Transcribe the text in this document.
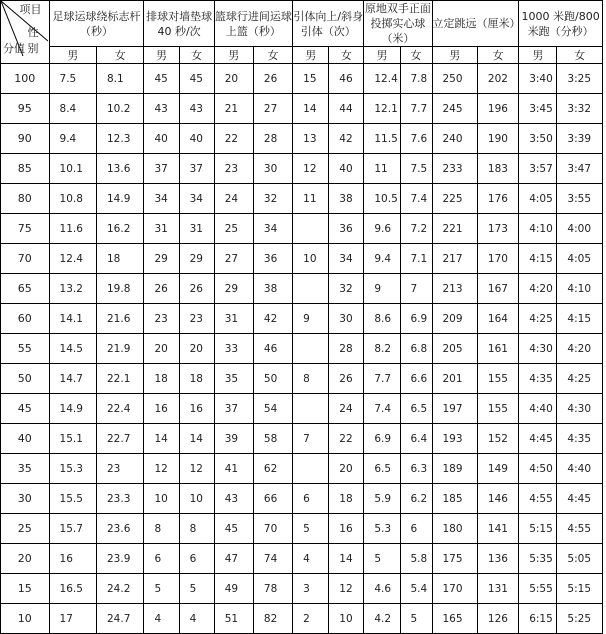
项目
性
别
分值	足球运球绕标志杆（秒）		排球对墙垫球 40 秒/次		篮球行进间运球上篮（秒）		引体向上/斜身引体（次）		原地双手正面投掷实心球（米）		立定跳远（厘米）		1000 米跑/800 米跑（分秒）	
	男	女	男	女	男	女	男	女	男	女	男	女	男	女
100	7.5	8.1	45	45	20	26	15	46	12.4	7.8	250	202	3:40	3:25
95	8.4	10.2	43	43	21	27	14	44	12.1	7.7	245	196	3:45	3:32
90	9.4	12.3	40	40	22	28	13	42	11.5	7.6	240	190	3:50	3:39
85	10.1	13.6	37	37	23	30	12	40	11	7.5	233	183	3:57	3:47
80	10.8	14.9	34	34	24	32	11	38	10.5	7.4	225	176	4:05	3:55
75	11.6	16.2	31	31	25	34		36	9.6	7.2	221	173	4:10	4:00
70	12.4	18	29	29	27	36	10	34	9.4	7.1	217	170	4:15	4:05
65	13.2	19.8	26	26	29	38		32	9	7	213	167	4:20	4:10
60	14.1	21.6	23	23	31	42	9	30	8.6	6.9	209	164	4:25	4:15
55	14.5	21.9	20	20	33	46		28	8.2	6.8	205	161	4:30	4:20
50	14.7	22.1	18	18	35	50	8	26	7.7	6.6	201	155	4:35	4:25
45	14.9	22.4	16	16	37	54		24	7.4	6.5	197	155	4:40	4:30
40	15.1	22.7	14	14	39	58	7	22	6.9	6.4	193	152	4:45	4:35
35	15.3	23	12	12	41	62		20	6.5	6.3	189	149	4:50	4:40
30	15.5	23.3	10	10	43	66	6	18	5.9	6.2	185	146	4:55	4:45
25	15.7	23.6	8	8	45	70	5	16	5.3	6	180	141	5:15	4:55
20	16	23.9	6	6	47	74	4	14	5	5.8	175	136	5:35	5:05
15	16.5	24.2	5	5	49	78	3	12	4.6	5.4	170	131	5:55	5:15
10	17	24.7	4	4	51	82	2	10	4.2	5	165	126	6:15	5:25
